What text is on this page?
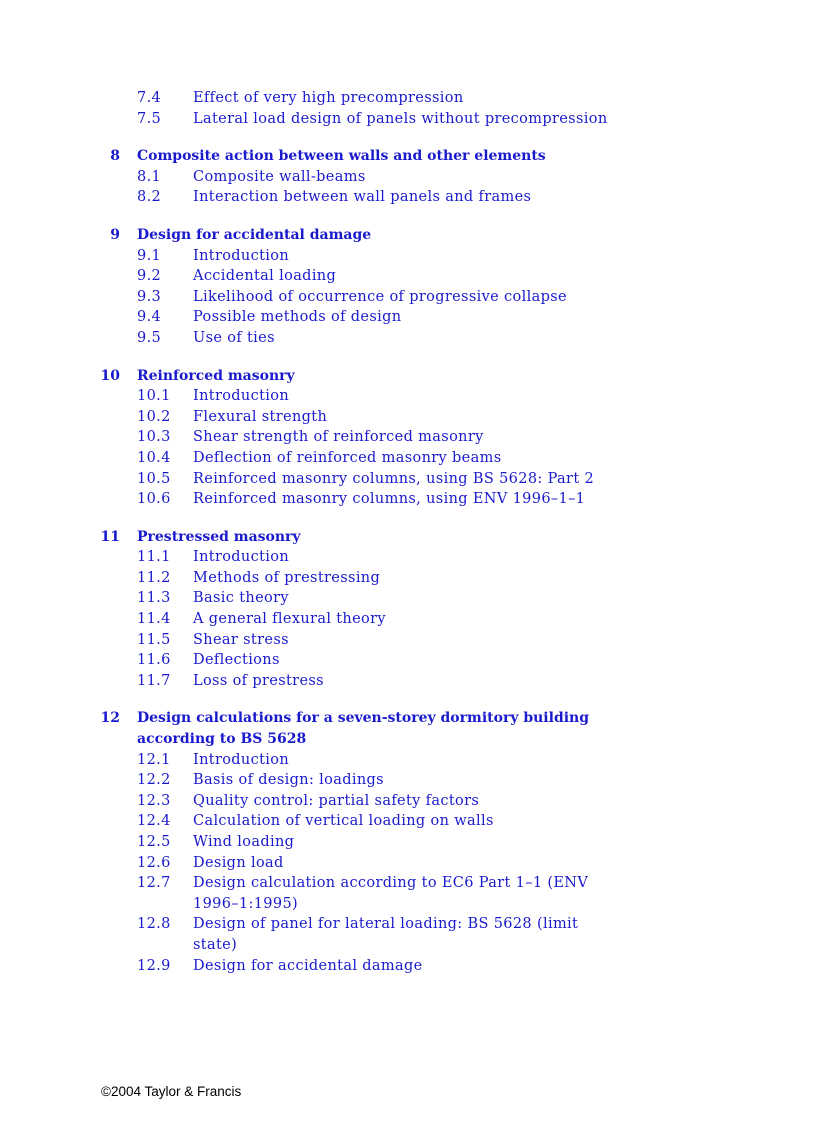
7.4 Effect of very high precompression
7.5 Lateral load design of panels without precompression
8 Composite action between walls and other elements
8.1 Composite wall-beams
8.2 Interaction between wall panels and frames
9 Design for accidental damage
9.1 Introduction
9.2 Accidental loading
9.3 Likelihood of occurrence of progressive collapse
9.4 Possible methods of design
9.5 Use of ties
10 Reinforced masonry
10.1 Introduction
10.2 Flexural strength
10.3 Shear strength of reinforced masonry
10.4 Deflection of reinforced masonry beams
10.5 Reinforced masonry columns, using BS 5628: Part 2
10.6 Reinforced masonry columns, using ENV 1996–1–1
11 Prestressed masonry
11.1 Introduction
11.2 Methods of prestressing
11.3 Basic theory
11.4 A general flexural theory
11.5 Shear stress
11.6 Deflections
11.7 Loss of prestress
12 Design calculations for a seven-storey dormitory building according to BS 5628
12.1 Introduction
12.2 Basis of design: loadings
12.3 Quality control: partial safety factors
12.4 Calculation of vertical loading on walls
12.5 Wind loading
12.6 Design load
12.7 Design calculation according to EC6 Part 1–1 (ENV 1996–1:1995)
12.8 Design of panel for lateral loading: BS 5628 (limit state)
12.9 Design for accidental damage
©2004 Taylor & Francis
